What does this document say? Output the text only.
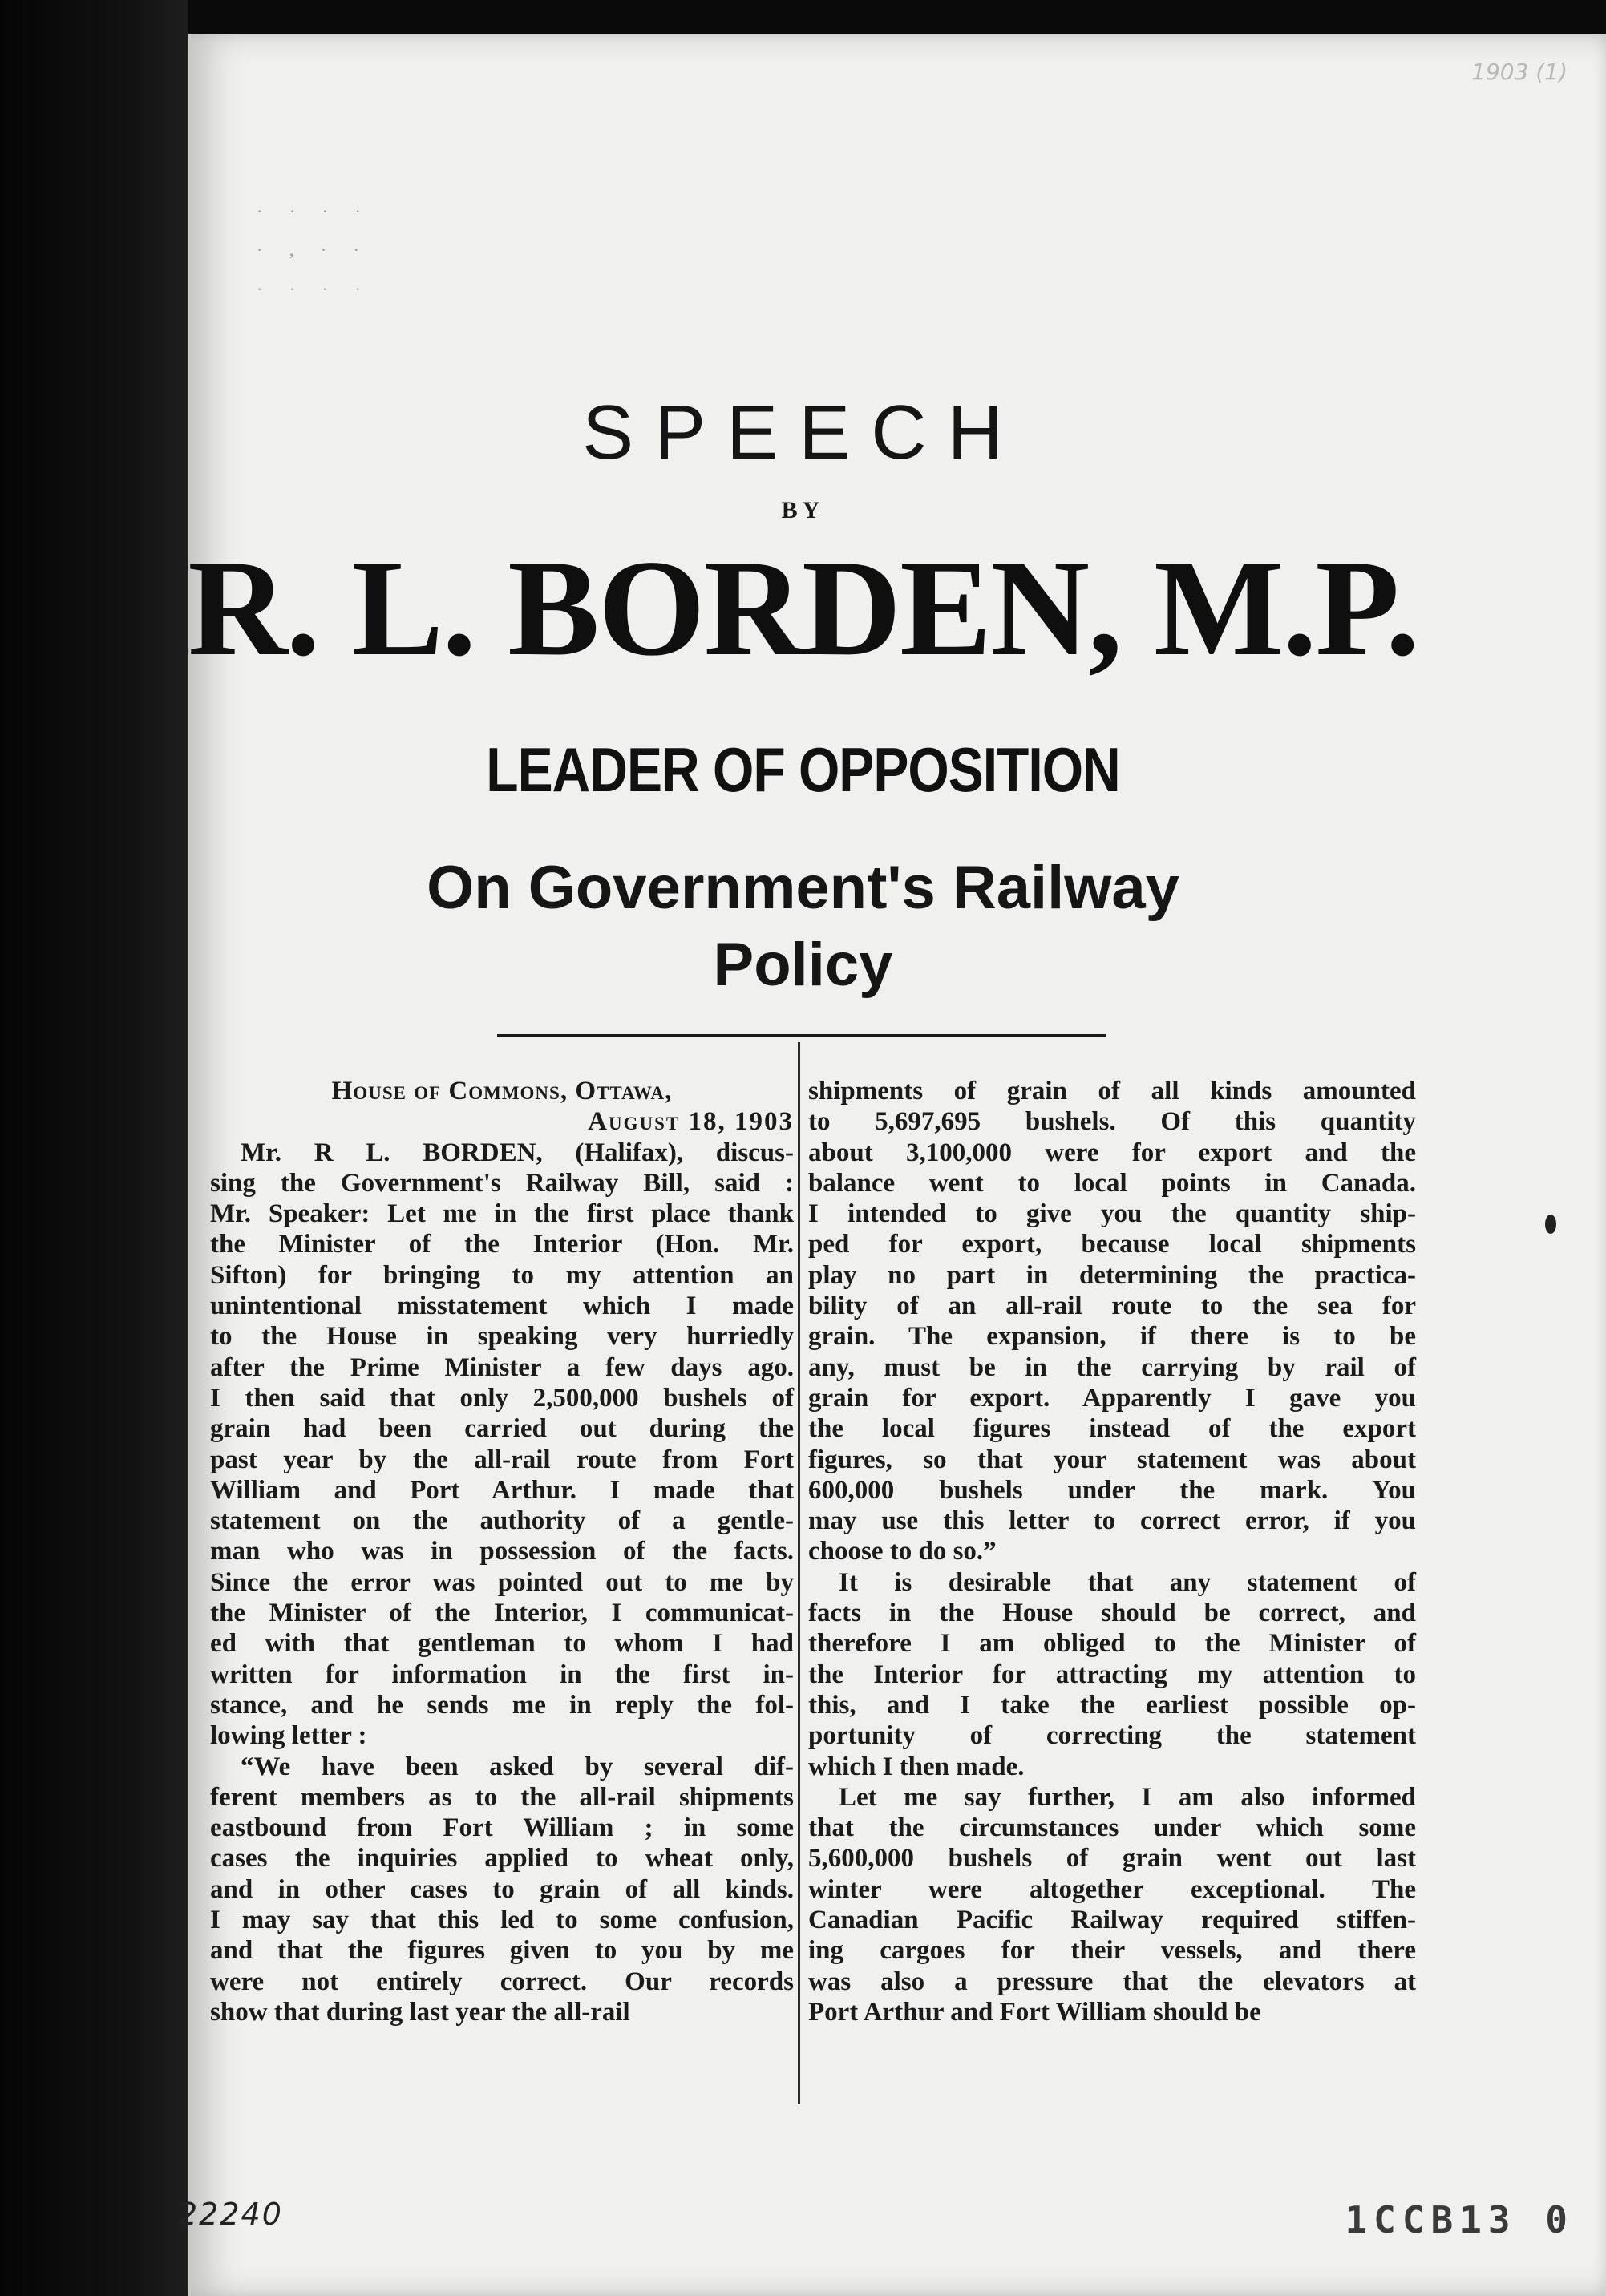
1903 (1)
· · · ·
· , · ·
· · · ·
SPEECH
BY
R. L. BORDEN, M.P.
LEADER OF OPPOSITION
On Government's Railway
Policy

House of Commons, Ottawa,

August 18, 1903

Mr. R L. BORDEN, (Halifax), discus-
sing the Government's Railway Bill, said :
Mr. Speaker: Let me in the first place thank
the Minister of the Interior (Hon. Mr.
Sifton) for bringing to my attention an
unintentional misstatement which I made
to the House in speaking very hurriedly
after the Prime Minister a few days ago.
I then said that only 2,500,000 bushels of
grain had been carried out during the
past year by the all-rail route from Fort
William and Port Arthur. I made that
statement on the authority of a gentle-
man who was in possession of the facts.
Since the error was pointed out to me by
the Minister of the Interior, I communicat-
ed with that gentleman to whom I had
written for information in the first in-
stance, and he sends me in reply the fol-
lowing letter :
“We have been asked by several dif-
ferent members as to the all-rail shipments
eastbound from Fort William ; in some
cases the inquiries applied to wheat only,
and in other cases to grain of all kinds.
I may say that this led to some confusion,
and that the figures given to you by me
were not entirely correct. Our records
show that during last year the all-rail
shipments of grain of all kinds amounted
to 5,697,695 bushels. Of this quantity
about 3,100,000 were for export and the
balance went to local points in Canada.
I intended to give you the quantity ship-
ped for export, because local shipments
play no part in determining the practica-
bility of an all-rail route to the sea for
grain. The expansion, if there is to be
any, must be in the carrying by rail of
grain for export. Apparently I gave you
the local figures instead of the export
figures, so that your statement was about
600,000 bushels under the mark. You
may use this letter to correct error, if you
choose to do so.”
It is desirable that any statement of
facts in the House should be correct, and
therefore I am obliged to the Minister of
the Interior for attracting my attention to
this, and I take the earliest possible op-
portunity of correcting the statement
which I then made.
Let me say further, I am also informed
that the circumstances under which some
5,600,000 bushels of grain went out last
winter were altogether exceptional. The
Canadian Pacific Railway required stiffen-
ing cargoes for their vessels, and there
was also a pressure that the elevators at
Port Arthur and Fort William should be
22240	1CCB13 0
